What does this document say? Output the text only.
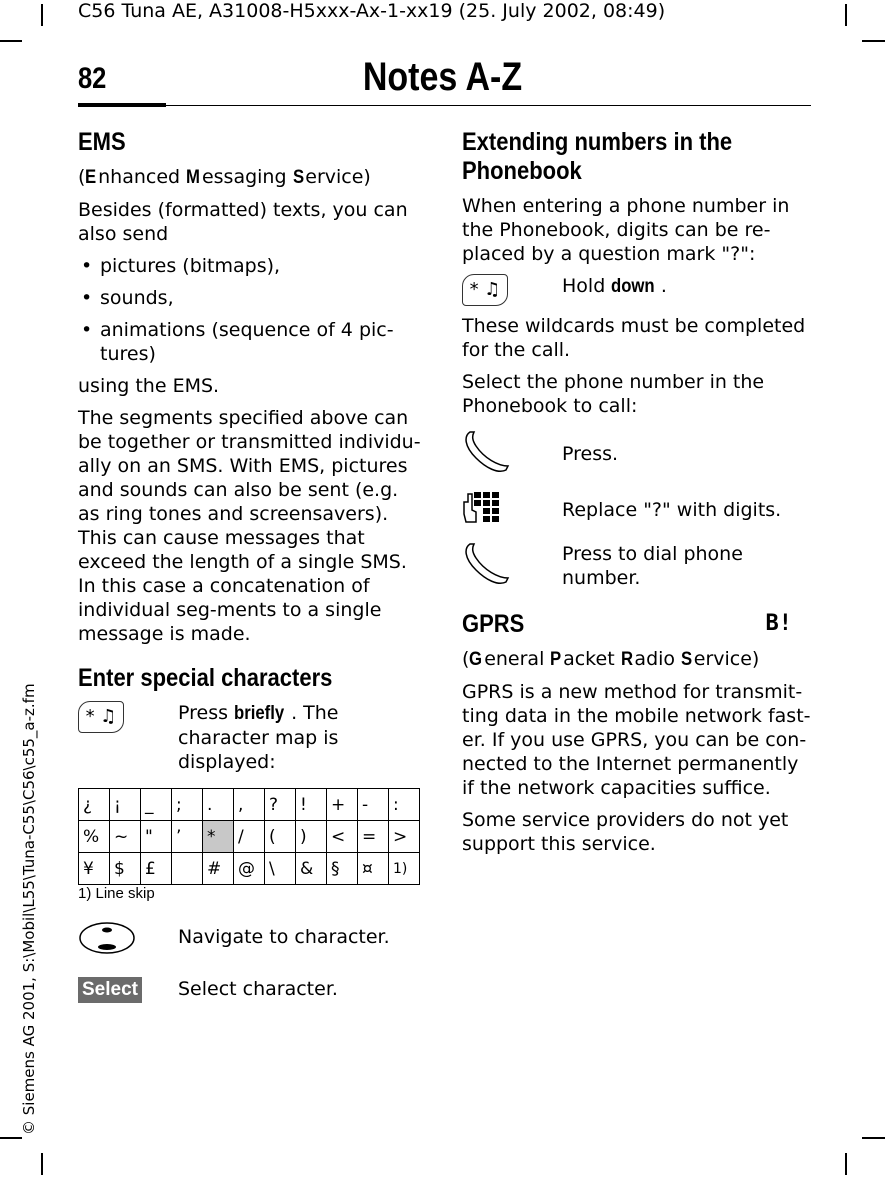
C56 Tuna AE, A31008-H5xxx-Ax-1-xx19 (25. July 2002, 08:49)
82	Notes A-Z
© Siemens AG 2001, S:\Mobil\L55\Tuna-C55\C56\c55_a-z.fm
EMS

(Enhanced Messaging Service)

Besides (formatted) texts, you can also send

• pictures (bitmaps),

• sounds,

• animations (sequence of 4 pic-tures)

using the EMS.

The segments specified above can be together or transmitted individu-ally on an SMS. With EMS, pictures and sounds can also be sent (e.g. as ring tones and screensavers). This can cause messages that exceed the length of a single SMS. In this case a concatenation of individual seg-ments to a single message is made.

Enter special characters
* ♫	Press briefly . The character map is displayed:
¿	¡	_	;	.	,	?	!	+	-	:
%	~	"	’	*	/	(	)	<	=	>
¥	$	£		#	@	\	&	§	¤	1)
1) Line skip
Navigate to character.
Select	Select character.
Extending numbers in the Phonebook

When entering a phone number in the Phonebook, digits can be re-placed by a question mark "?":

* ♫	Hold down .

These wildcards must be completed for the call.

Select the phone number in the Phonebook to call:

Press.
Replace "?" with digits.
Press to dial phone number.
GPRS	B!

(General Packet Radio Service)

GPRS is a new method for transmit-ting data in the mobile network fast-er. If you use GPRS, you can be con-nected to the Internet permanently if the network capacities suffice.

Some service providers do not yet support this service.
